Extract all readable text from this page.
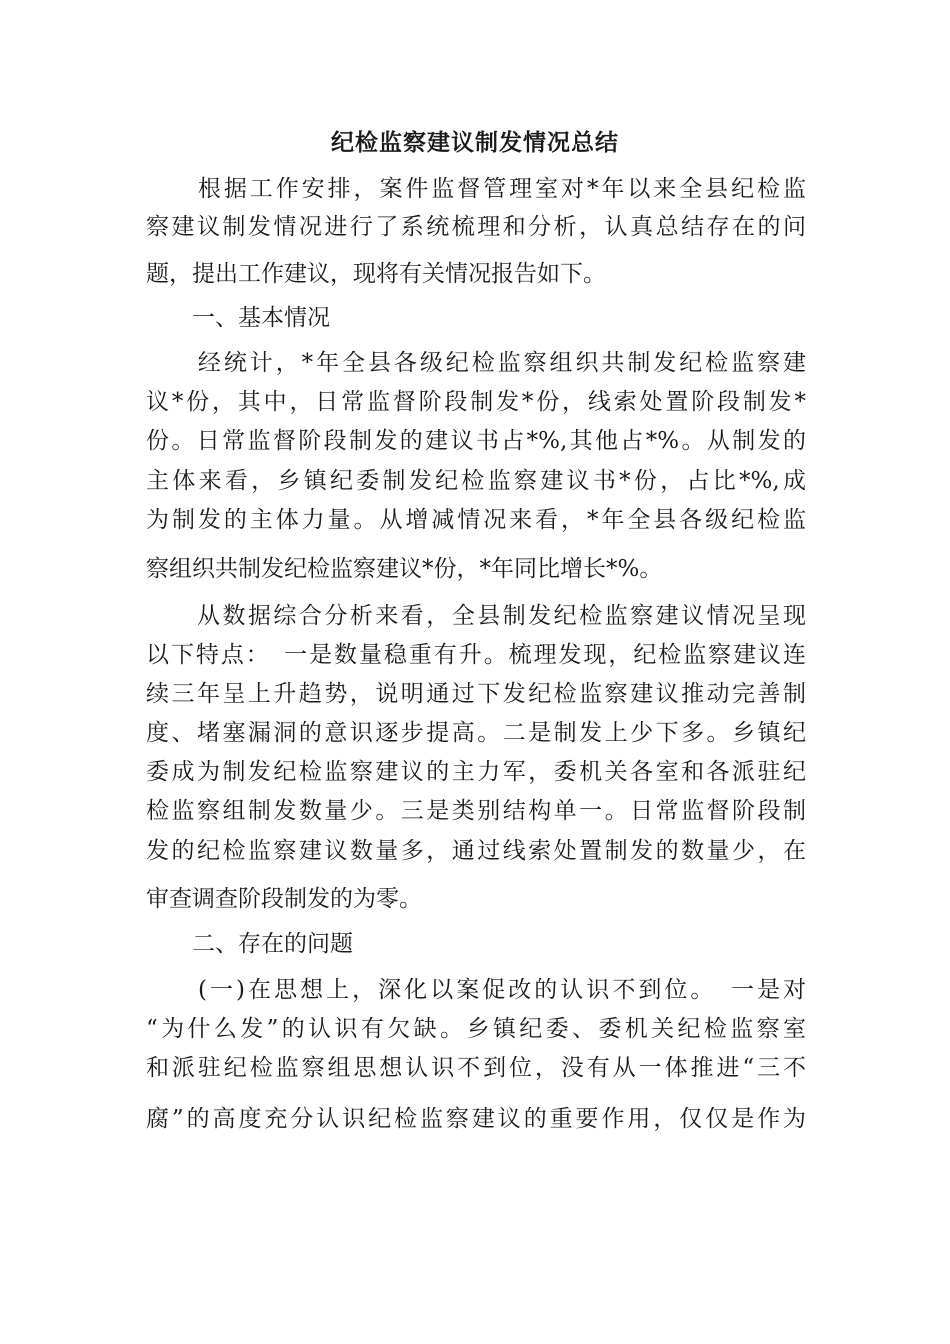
纪检监察建议制发情况总结
　　根据工作安排，案件监督管理室对*年以来全县纪检监
察建议制发情况进行了系统梳理和分析，认真总结存在的问
题，提出工作建议，现将有关情况报告如下。
　　一、基本情况
　　经统计，*年全县各级纪检监察组织共制发纪检监察建
议*份，其中，日常监督阶段制发*份，线索处置阶段制发*
份。日常监督阶段制发的建议书占*%,其他占*%。从制发的
主体来看，乡镇纪委制发纪检监察建议书*份，占比*%,成
为制发的主体力量。从增减情况来看，*年全县各级纪检监
察组织共制发纪检监察建议*份，*年同比增长*%。
　　从数据综合分析来看，全县制发纪检监察建议情况呈现
以下特点：　一是数量稳重有升。梳理发现，纪检监察建议连
续三年呈上升趋势，说明通过下发纪检监察建议推动完善制
度、堵塞漏洞的意识逐步提高。二是制发上少下多。乡镇纪
委成为制发纪检监察建议的主力军，委机关各室和各派驻纪
检监察组制发数量少。三是类别结构单一。日常监督阶段制
发的纪检监察建议数量多，通过线索处置制发的数量少，在
审查调查阶段制发的为零。
　　二、存在的问题
　　(一)在思想上，深化以案促改的认识不到位。　一是对
“为什么发”的认识有欠缺。乡镇纪委、委机关纪检监察室
和派驻纪检监察组思想认识不到位，没有从一体推进“三不
腐”的高度充分认识纪检监察建议的重要作用，仅仅是作为
